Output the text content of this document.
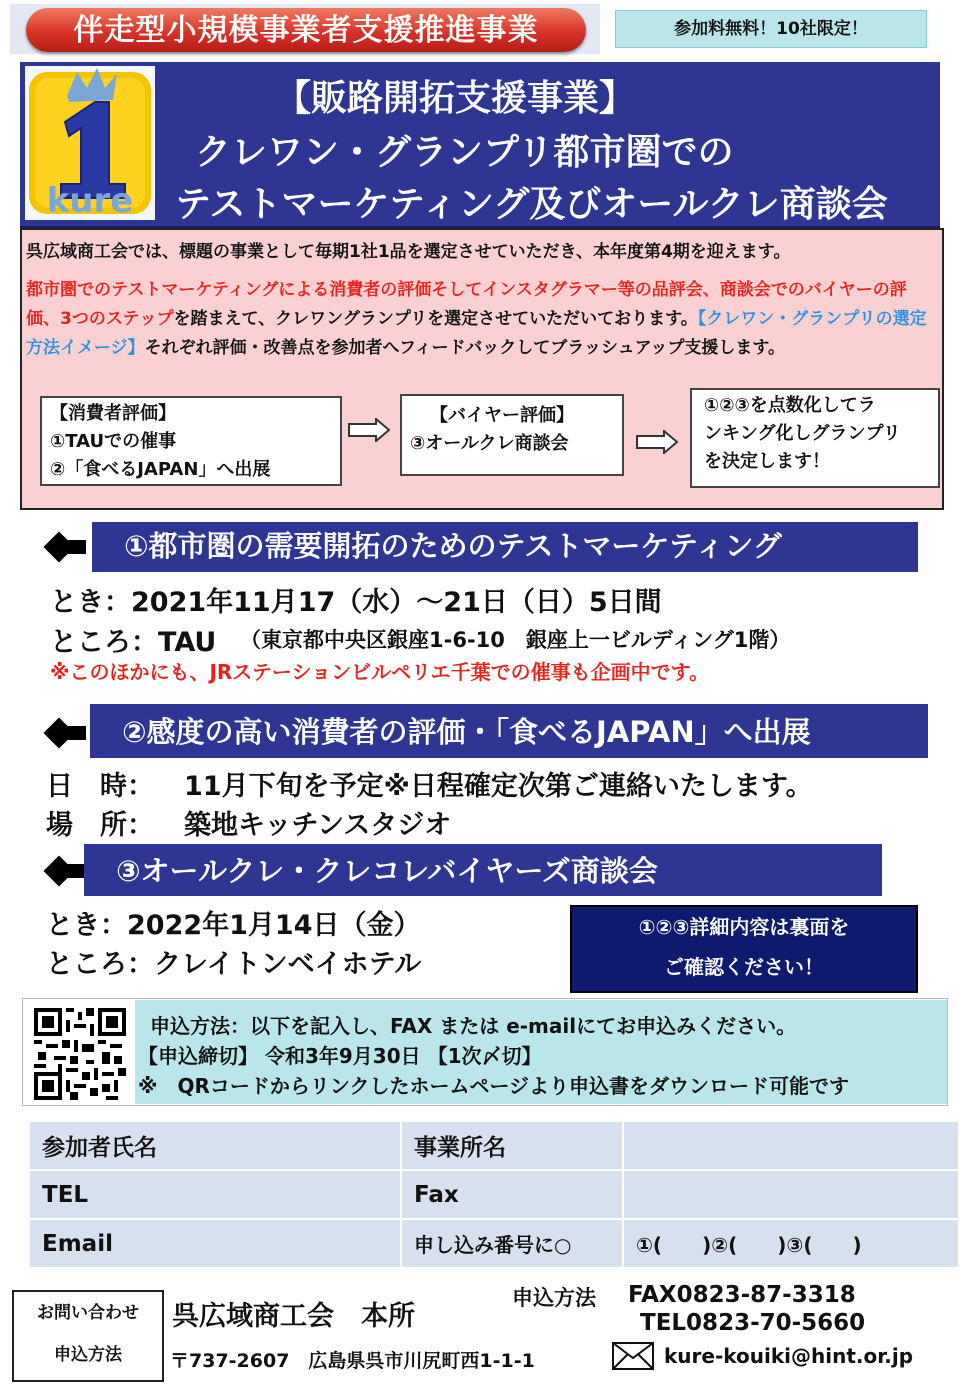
伴走型小規模事業者支援推進事業	参加料無料！10社限定！
【販路開拓支援事業】
クレワン・グランプリ都市圏での
テストマーケティング及びオールクレ商談会
kure
呉広域商工会では、標題の事業として毎期1社1品を選定させていただき、本年度第4期を迎えます。
都市圏でのテストマーケティングによる消費者の評価そしてインスタグラマー等の品評会、商談会でのバイヤーの評価、3つのステップを踏まえて、クレワングランプリを選定させていただいております。【クレワン・グランプリの選定方法イメージ】それぞれ評価・改善点を参加者へフィードバックしてブラッシュアップ支援します。
【消費者評価】
①TAUでの催事
②「食べるJAPAN」へ出展
【バイヤー評価】
③オールクレ商談会
①②③を点数化してラ
ンキング化しグランプリ
を決定します！
①都市圏の需要開拓のためのテストマーケティング
とき：2021年11月17（水）～21日（日）5日間
ところ：TAU （東京都中央区銀座1-6-10　銀座上一ビルディング1階）
※このほかにも、JRステーションビルペリエ千葉での催事も企画中です。
②感度の高い消費者の評価・「食べるJAPAN」へ出展
日　時： 11月下旬を予定※日程確定次第ご連絡いたします。
場　所： 築地キッチンスタジオ
③オールクレ・クレコレバイヤーズ商談会
とき：2022年1月14日（金）
ところ：クレイトンベイホテル
①②③詳細内容は裏面を
ご確認ください！
申込方法：以下を記入し、FAX または e-mailにてお申込みください。
【申込締切】 令和3年9月30日 【1次〆切】
※　QRコードからリンクしたホームページより申込書をダウンロード可能です
参加者氏名	事業所名	
TEL	Fax	
Email	申し込み番号に○	①(　　)②(　　)③(　　)
お問い合わせ
申込方法
呉広域商工会　本所
〒737-2607　広島県呉市川尻町西1-1-1
申込方法 FAX0823-87-3318
TEL0823-70-5660
kure-kouiki@hint.or.jp
